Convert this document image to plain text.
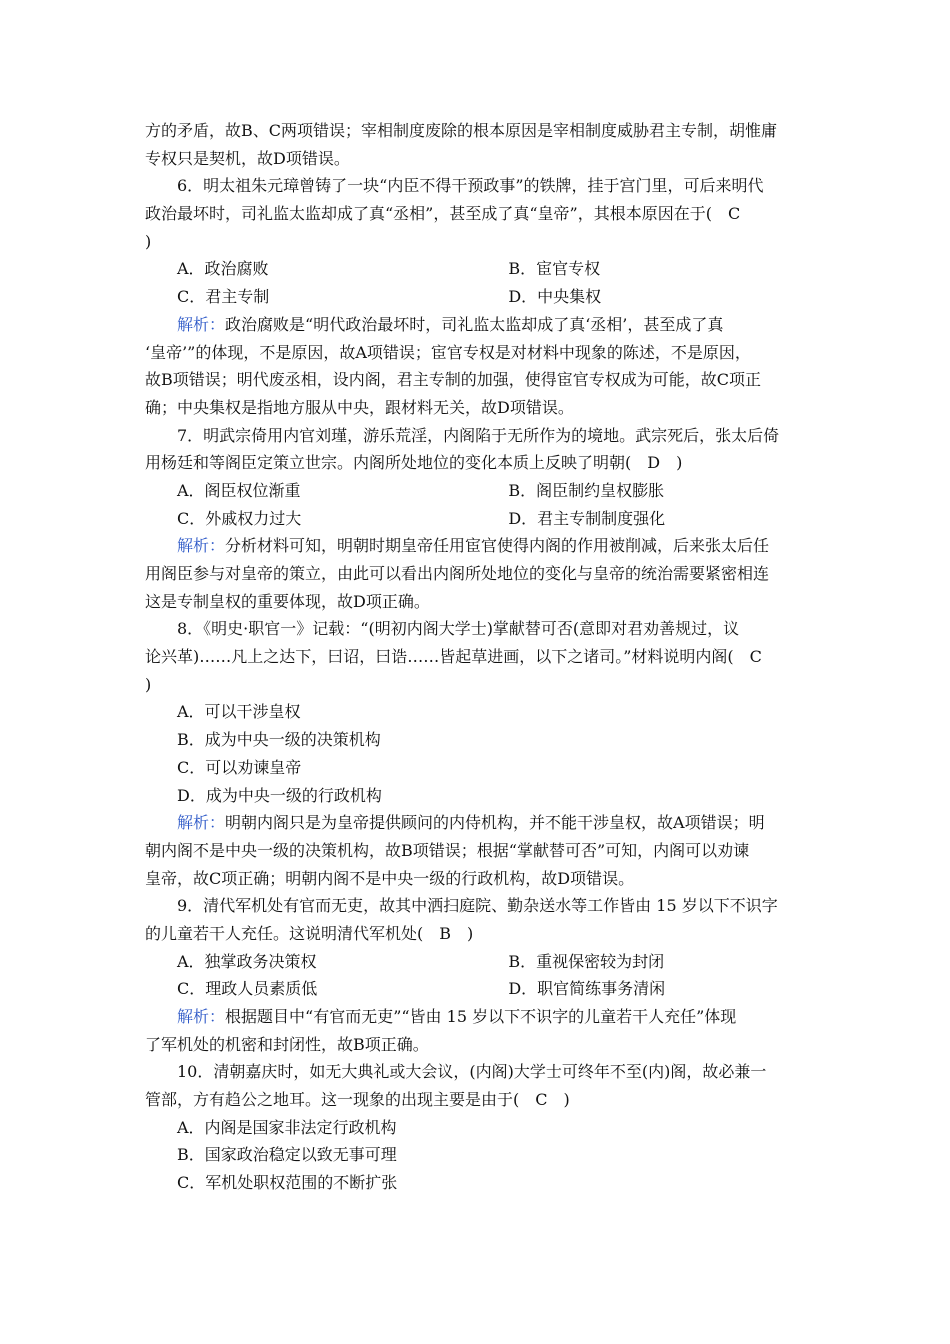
方的矛盾，故B、C两项错误；宰相制度废除的根本原因是宰相制度威胁君主专制，胡惟庸
专权只是契机，故D项错误。
6．明太祖朱元璋曾铸了一块“内臣不得干预政事”的铁牌，挂于宫门里，可后来明代
政治最坏时，司礼监太监却成了真“丞相”，甚至成了真“皇帝”，其根本原因在于(　C
)
A．政治腐败	B．宦官专权
C．君主专制	D．中央集权
解析：政治腐败是“明代政治最坏时，司礼监太监却成了真‘丞相’，甚至成了真
‘皇帝’”的体现，不是原因，故A项错误；宦官专权是对材料中现象的陈述，不是原因，
故B项错误；明代废丞相，设内阁，君主专制的加强，使得宦官专权成为可能，故C项正
确；中央集权是指地方服从中央，跟材料无关，故D项错误。
7．明武宗倚用内官刘瑾，游乐荒淫，内阁陷于无所作为的境地。武宗死后，张太后倚
用杨廷和等阁臣定策立世宗。内阁所处地位的变化本质上反映了明朝(　D　)
A．阁臣权位渐重	B．阁臣制约皇权膨胀
C．外戚权力过大	D．君主专制制度强化
解析：分析材料可知，明朝时期皇帝任用宦官使得内阁的作用被削减，后来张太后任
用阁臣参与对皇帝的策立，由此可以看出内阁所处地位的变化与皇帝的统治需要紧密相连
这是专制皇权的重要体现，故D项正确。
8．《明史·职官一》记载：“(明初内阁大学士)掌献替可否(意即对君劝善规过，议
论兴革)……凡上之达下，曰诏，曰诰……皆起草进画，以下之诸司。”材料说明内阁(　C
)
A．可以干涉皇权
B．成为中央一级的决策机构
C．可以劝谏皇帝
D．成为中央一级的行政机构
解析：明朝内阁只是为皇帝提供顾问的内侍机构，并不能干涉皇权，故A项错误；明
朝内阁不是中央一级的决策机构，故B项错误；根据“掌献替可否”可知，内阁可以劝谏
皇帝，故C项正确；明朝内阁不是中央一级的行政机构，故D项错误。
9．清代军机处有官而无吏，故其中洒扫庭院、勤杂送水等工作皆由 15 岁以下不识字
的儿童若干人充任。这说明清代军机处(　B　)
A．独掌政务决策权	B．重视保密较为封闭
C．理政人员素质低	D．职官简练事务清闲
解析：根据题目中“有官而无吏”“皆由 15 岁以下不识字的儿童若干人充任”体现
了军机处的机密和封闭性，故B项正确。
10．清朝嘉庆时，如无大典礼或大会议，(内阁)大学士可终年不至(内)阁，故必兼一
管部，方有趋公之地耳。这一现象的出现主要是由于(　C　)
A．内阁是国家非法定行政机构
B．国家政治稳定以致无事可理
C．军机处职权范围的不断扩张
